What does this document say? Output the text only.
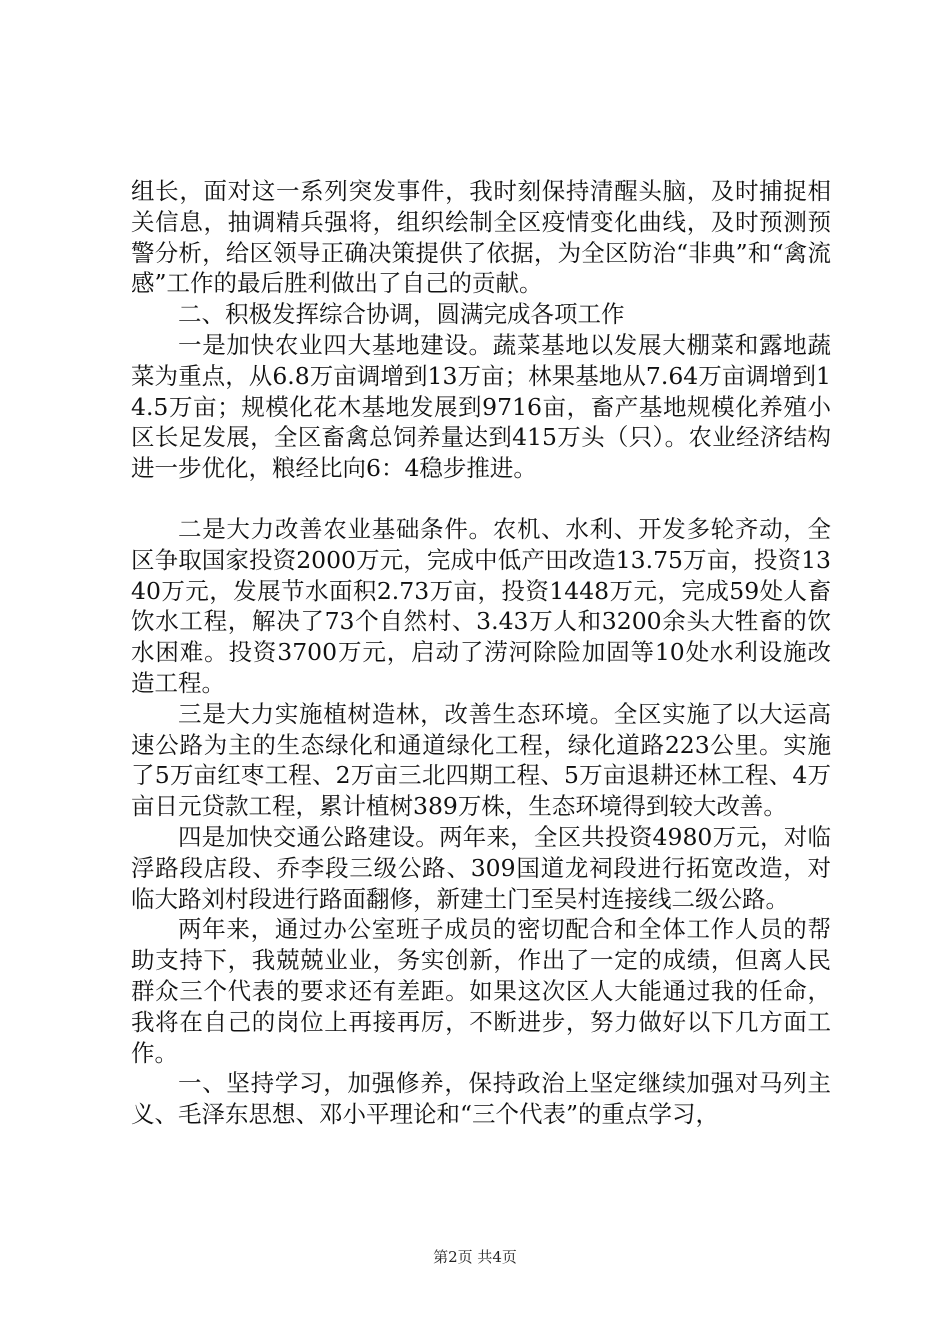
组长，面对这一系列突发事件，我时刻保持清醒头脑，及时捕捉相关信息，抽调精兵强将，组织绘制全区疫情变化曲线，及时预测预警分析，给区领导正确决策提供了依据，为全区防治“非典”和“禽流感”工作的最后胜利做出了自己的贡献。

二、积极发挥综合协调，圆满完成各项工作

一是加快农业四大基地建设。蔬菜基地以发展大棚菜和露地蔬菜为重点，从6.8万亩调增到13万亩；林果基地从7.64万亩调增到14.5万亩；规模化花木基地发展到9716亩，畜产基地规模化养殖小区长足发展，全区畜禽总饲养量达到415万头（只）。农业经济结构进一步优化，粮经比向6：4稳步推进。

二是大力改善农业基础条件。农机、水利、开发多轮齐动，全区争取国家投资2000万元，完成中低产田改造13.75万亩，投资1340万元，发展节水面积2.73万亩，投资1448万元，完成59处人畜饮水工程，解决了73个自然村、3.43万人和3200余头大牲畜的饮水困难。投资3700万元，启动了涝河除险加固等10处水利设施改造工程。

三是大力实施植树造林，改善生态环境。全区实施了以大运高速公路为主的生态绿化和通道绿化工程，绿化道路223公里。实施了5万亩红枣工程、2万亩三北四期工程、5万亩退耕还林工程、4万亩日元贷款工程，累计植树389万株，生态环境得到较大改善。

四是加快交通公路建设。两年来，全区共投资4980万元，对临浮路段店段、乔李段三级公路、309国道龙祠段进行拓宽改造，对临大路刘村段进行路面翻修，新建土门至吴村连接线二级公路。

两年来，通过办公室班子成员的密切配合和全体工作人员的帮助支持下，我兢兢业业，务实创新，作出了一定的成绩，但离人民群众三个代表的要求还有差距。如果这次区人大能通过我的任命，我将在自己的岗位上再接再厉，不断进步，努力做好以下几方面工作。

一、坚持学习，加强修养，保持政治上坚定继续加强对马列主义、毛泽东思想、邓小平理论和“三个代表”的重点学习，

第2页 共4页
